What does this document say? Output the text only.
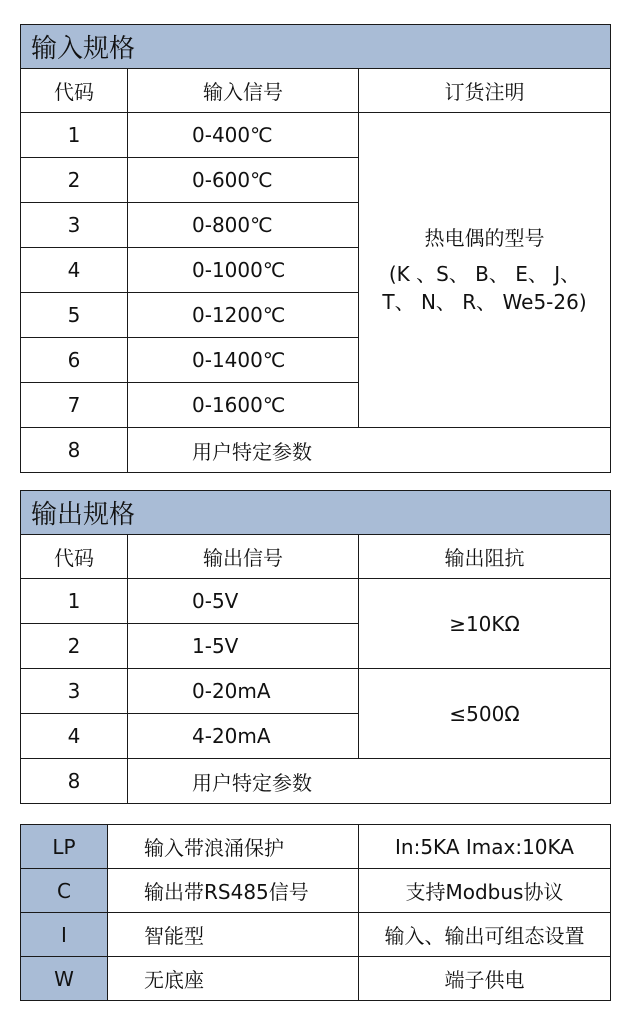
输入规格		
代码	输入信号	订货注明
1	0-400℃	热电偶的型号
(K 、S、 B、 E、 J、
T、 N、 R、 We5-26)

2	0-600℃	
3	0-800℃	
4	0-1000℃	
5	0-1200℃	
6	0-1400℃	
7	0-1600℃	
8	用户特定参数	
输出规格		
代码	输出信号	输出阻抗
1	0-5V	≥10KΩ
2	1-5V	
3	0-20mA	≤500Ω
4	4-20mA	
8	用户特定参数	
LP	输入带浪涌保护	In:5KA Imax:10KA
C	输出带RS485信号	支持Modbus协议
I	智能型	输入、输出可组态设置
W	无底座	端子供电
